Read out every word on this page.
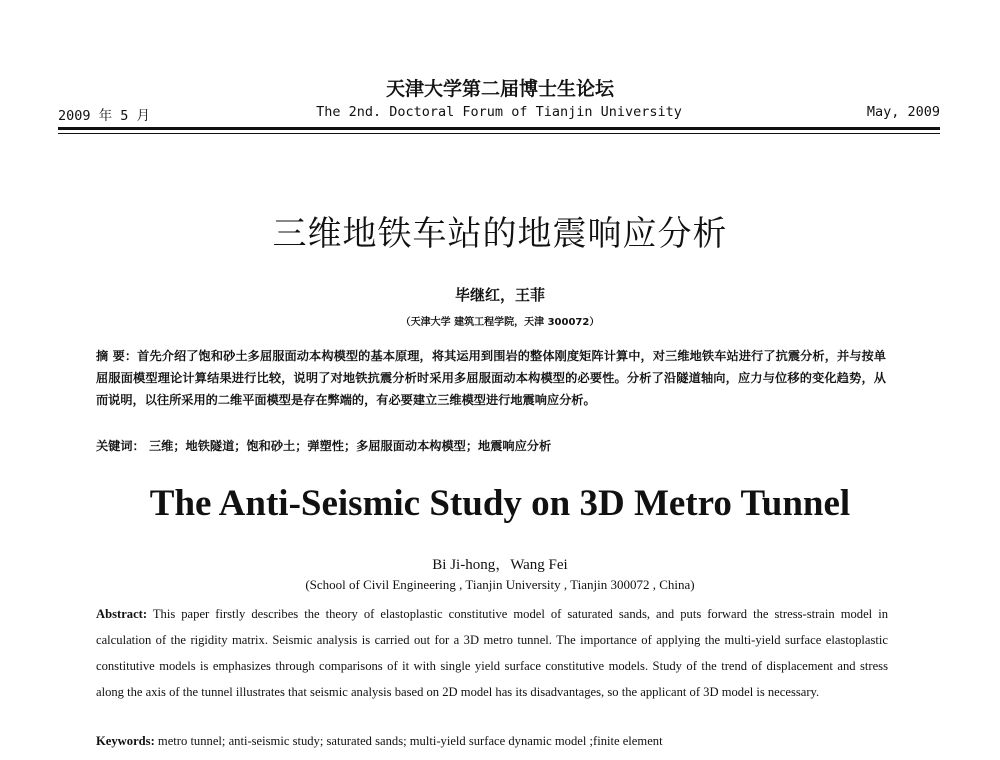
天津大学第二届博士生论坛
The 2nd. Doctoral Forum of Tianjin University
2009 年 5 月	May, 2009
三维地铁车站的地震响应分析
毕继红，王菲
（天津大学 建筑工程学院，天津 300072）
摘 要：首先介绍了饱和砂土多屈服面动本构模型的基本原理，将其运用到围岩的整体刚度矩阵计算中，对三维地铁车站进行了抗震分析，并与按单屈服面模型理论计算结果进行比较，说明了对地铁抗震分析时采用多屈服面动本构模型的必要性。分析了沿隧道轴向，应力与位移的变化趋势，从而说明，以往所采用的二维平面模型是存在弊端的，有必要建立三维模型进行地震响应分析。
关键词： 三维；地铁隧道；饱和砂土；弹塑性；多屈服面动本构模型；地震响应分析
The Anti-Seismic Study on 3D Metro Tunnel
Bi Ji-hong，Wang Fei
(School of Civil Engineering , Tianjin University , Tianjin 300072 , China)
Abstract: This paper firstly describes the theory of elastoplastic constitutive model of saturated sands, and puts forward the stress-strain model in calculation of the rigidity matrix. Seismic analysis is carried out for a 3D metro tunnel. The importance of applying the multi-yield surface elastoplastic constitutive models is emphasizes through comparisons of it with single yield surface constitutive models. Study of the trend of displacement and stress along the axis of the tunnel illustrates that seismic analysis based on 2D model has its disadvantages, so the applicant of 3D model is necessary.
Keywords: metro tunnel; anti-seismic study; saturated sands; multi-yield surface dynamic model ;finite element
